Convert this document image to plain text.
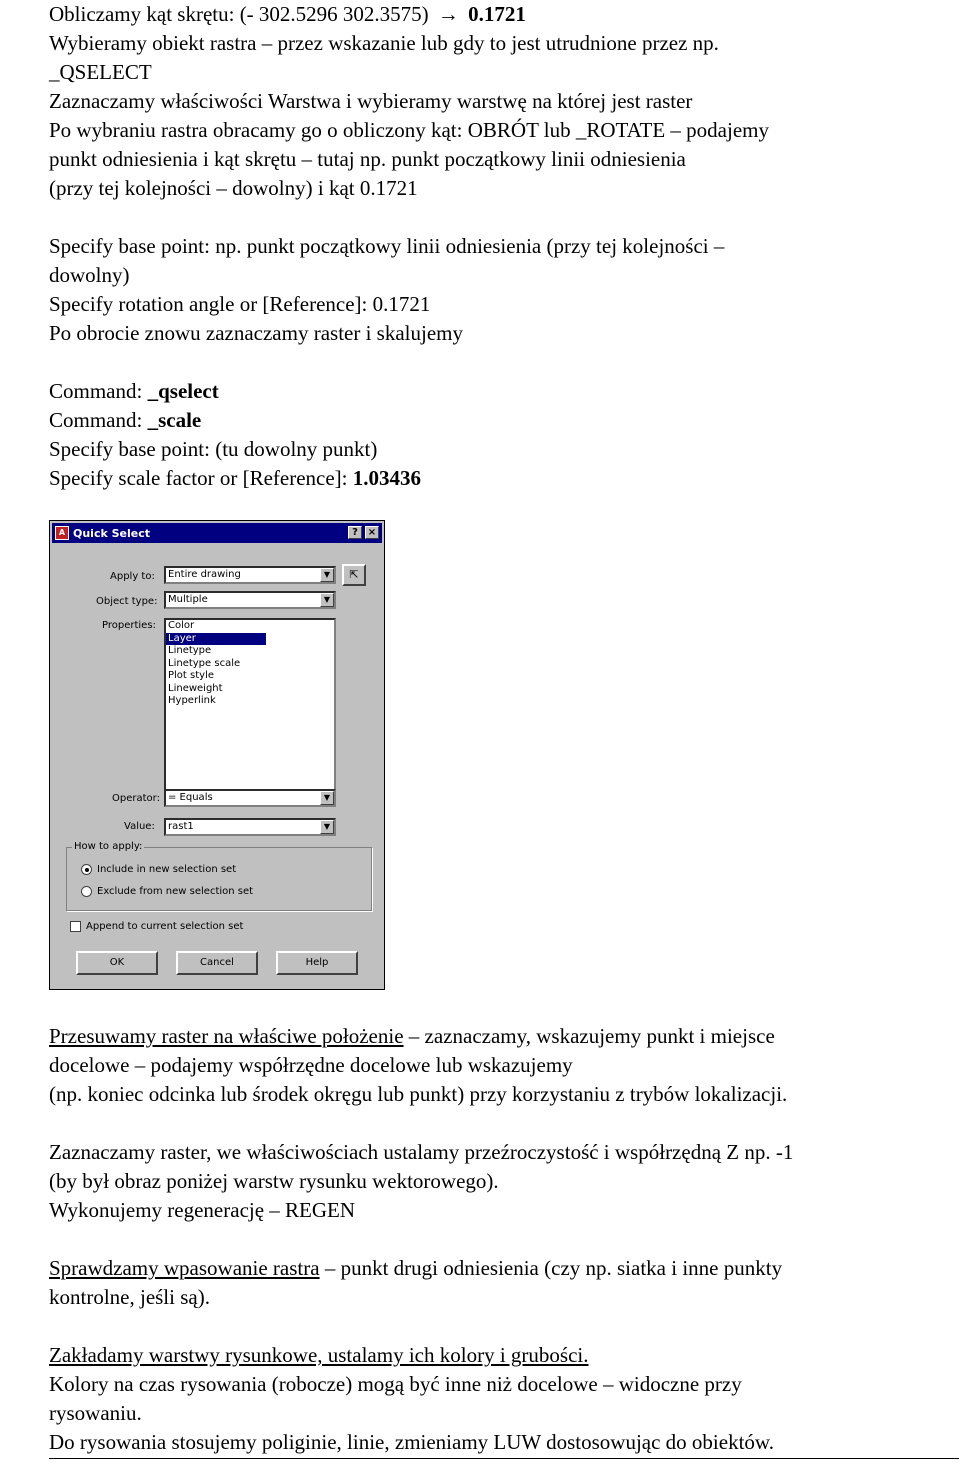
Obliczamy kąt skrętu: (- 302.5296 302.3575) → 0.1721
Wybieramy obiekt rastra – przez wskazanie lub gdy to jest utrudnione przez np.
_QSELECT
Zaznaczamy właściwości Warstwa i wybieramy warstwę na której jest raster
Po wybraniu rastra obracamy go o obliczony kąt: OBRÓT lub _ROTATE – podajemy
punkt odniesienia i kąt skrętu – tutaj np. punkt początkowy linii odniesienia
(przy tej kolejności – dowolny) i kąt 0.1721
Specify base point: np. punkt początkowy linii odniesienia (przy tej kolejności –
dowolny)
Specify rotation angle or [Reference]: 0.1721
Po obrocie znowu zaznaczamy raster i skalujemy
Command: _qselect
Command: _scale
Specify base point: (tu dowolny punkt)
Specify scale factor or [Reference]: 1.03436
Przesuwamy raster na właściwe położenie – zaznaczamy, wskazujemy punkt i miejsce
docelowe – podajemy współrzędne docelowe lub wskazujemy
(np. koniec odcinka lub środek okręgu lub punkt) przy korzystaniu z trybów lokalizacji.
Zaznaczamy raster, we właściwościach ustalamy przeźroczystość i współrzędną Z np. -1
(by był obraz poniżej warstw rysunku wektorowego).
Wykonujemy regenerację – REGEN
Sprawdzamy wpasowanie rastra – punkt drugi odniesienia (czy np. siatka i inne punkty
kontrolne, jeśli są).
Zakładamy warstwy rysunkowe, ustalamy ich kolory i grubości.
Kolory na czas rysowania (robocze) mogą być inne niż docelowe – widoczne przy
rysowaniu.
Do rysowania stosujemy poliginie, linie, zmieniamy LUW dostosowując do obiektów.
A Quick Select	? ×
Apply to:	Entire drawing	▼	⇱
Object type:	Multiple	▼
Properties: Color
Layer
Linetype
Linetype scale
Plot style
Lineweight
Hyperlink
Operator: = Equals	▼
Value:	rast1	▼
How to apply:
Include in new selection set
Exclude from new selection set
Append to current selection set
OK	Cancel	Help
